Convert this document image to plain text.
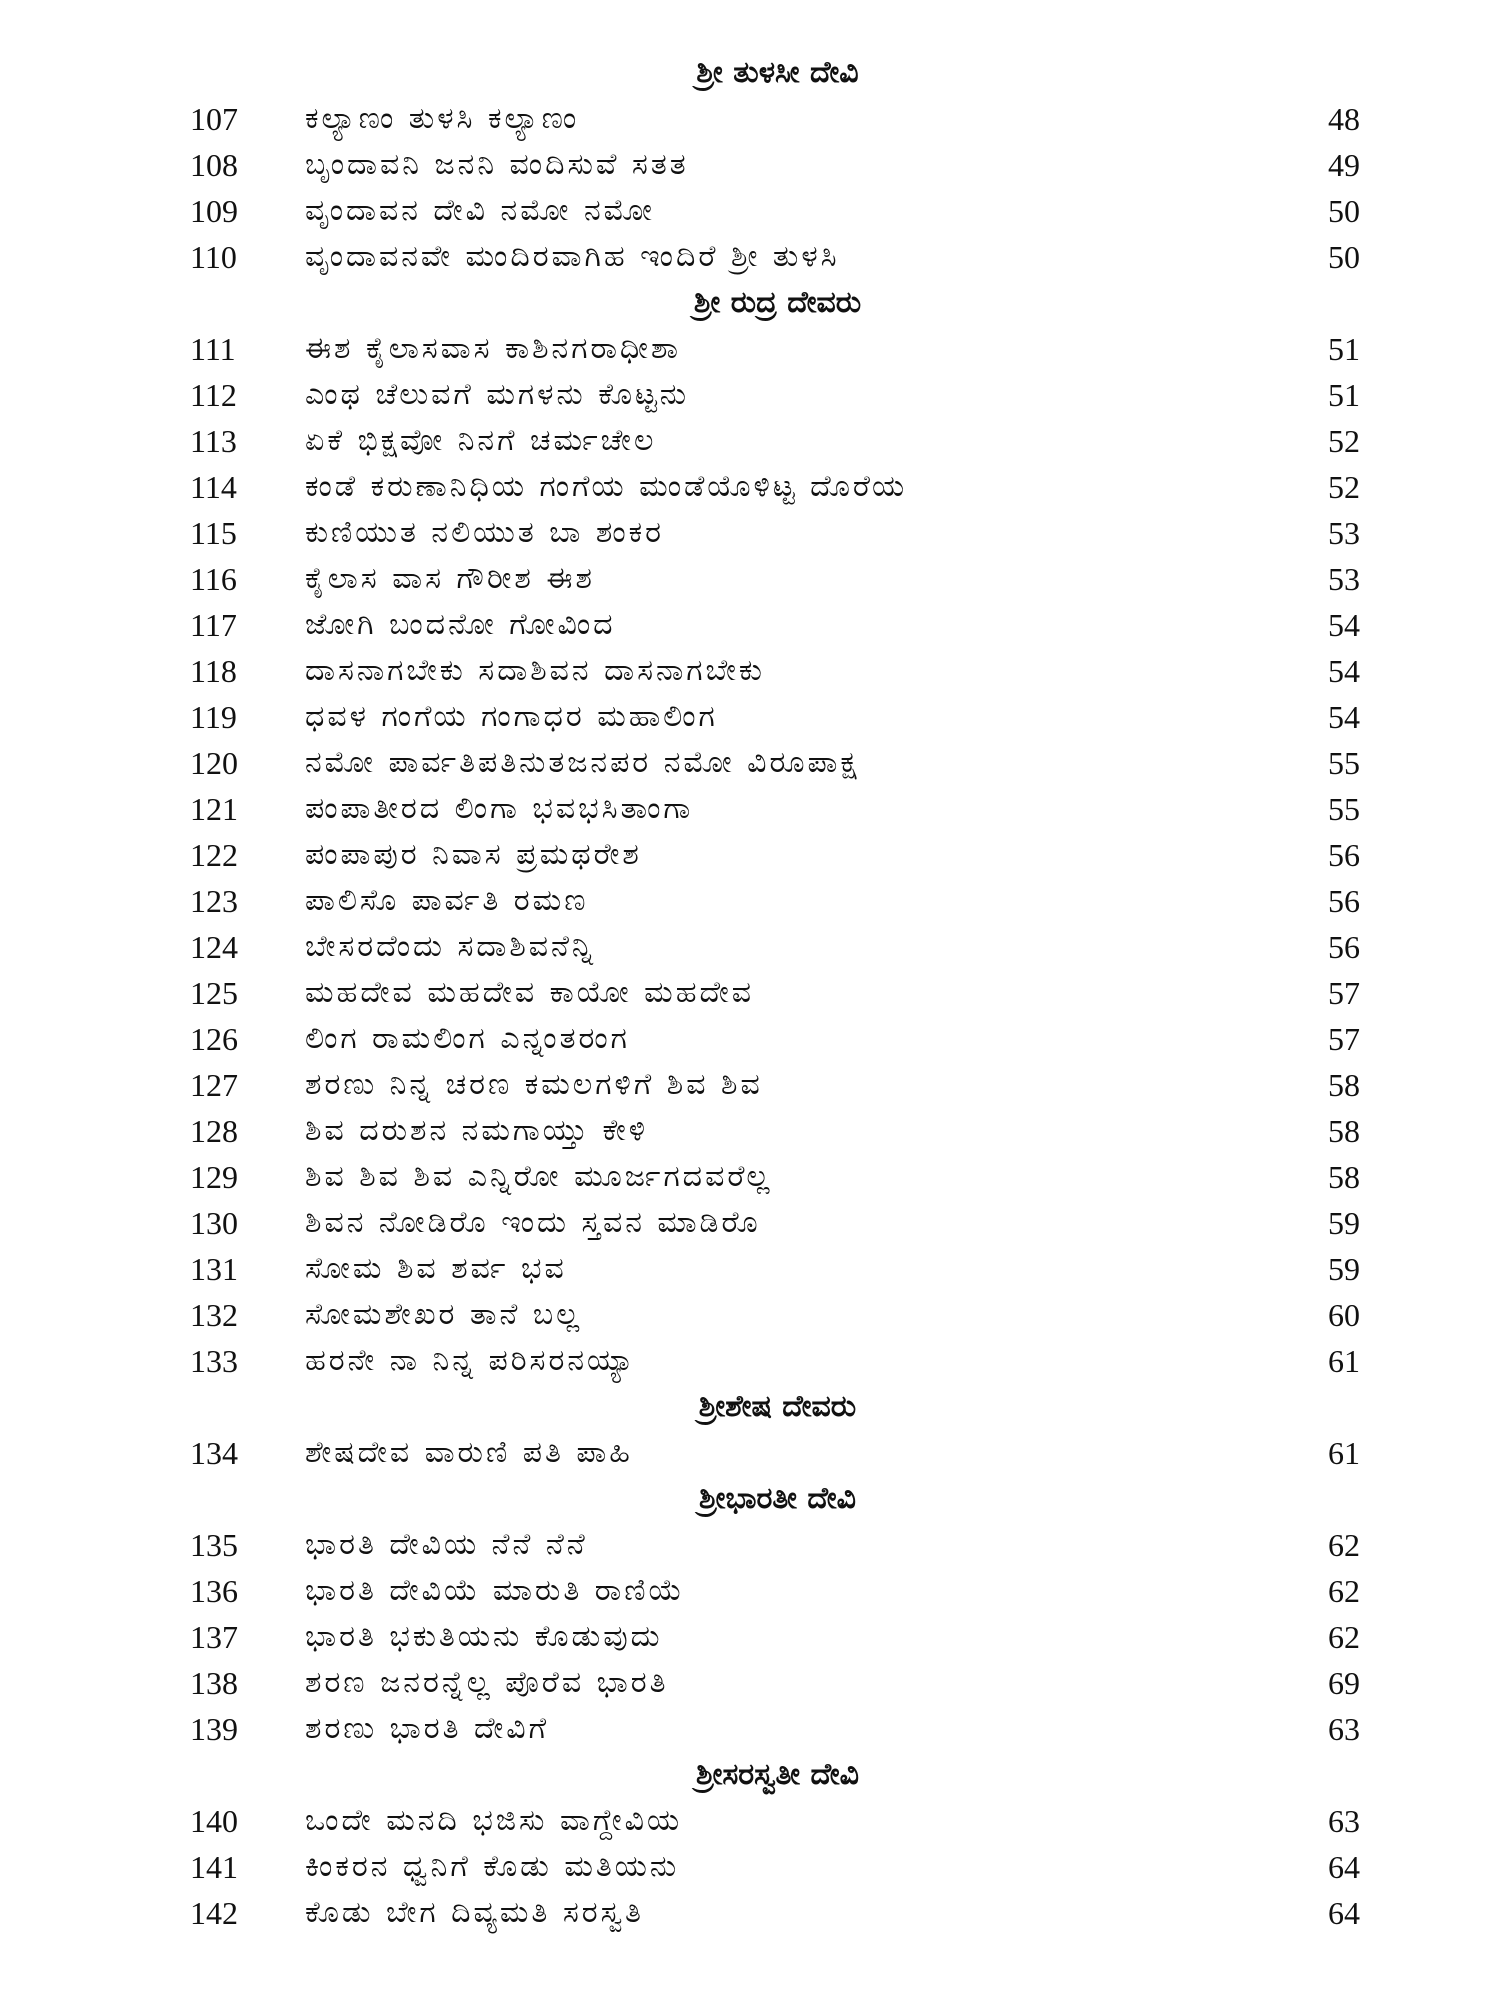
ಶ್ರೀ ತುಳಸೀ ದೇವಿ
107 ಕಲ್ಯಾಣಂ ತುಳಸಿ ಕಲ್ಯಾಣಂ	48
108 ಬೃಂದಾವನಿ ಜನನಿ ವಂದಿಸುವೆ ಸತತ	49
109 ವೃಂದಾವನ ದೇವಿ ನಮೋ ನಮೋ	50
110 ವೃಂದಾವನವೇ ಮಂದಿರವಾಗಿಹ ಇಂದಿರೆ ಶ್ರೀ ತುಳಸಿ	50
ಶ್ರೀ ರುದ್ರ ದೇವರು
111 ಈಶ ಕೈಲಾಸವಾಸ ಕಾಶಿನಗರಾಧೀಶಾ	51
112 ಎಂಥ ಚೆಲುವಗೆ ಮಗಳನು ಕೊಟ್ಟನು	51
113 ಏಕೆ ಭಿಕ್ಷವೋ ನಿನಗೆ ಚರ್ಮಚೇಲ	52
114 ಕಂಡೆ ಕರುಣಾನಿಧಿಯ ಗಂಗೆಯ ಮಂಡೆಯೊಳಿಟ್ಟ ದೊರೆಯ	52
115 ಕುಣಿಯುತ ನಲಿಯುತ ಬಾ ಶಂಕರ	53
116 ಕೈಲಾಸ ವಾಸ ಗೌರೀಶ ಈಶ	53
117 ಜೋಗಿ ಬಂದನೋ ಗೋವಿಂದ	54
118 ದಾಸನಾಗಬೇಕು ಸದಾಶಿವನ ದಾಸನಾಗಬೇಕು	54
119 ಧವಳ ಗಂಗೆಯ ಗಂಗಾಧರ ಮಹಾಲಿಂಗ	54
120 ನಮೋ ಪಾರ್ವತಿಪತಿನುತಜನಪರ ನಮೋ ವಿರೂಪಾಕ್ಷ	55
121 ಪಂಪಾತೀರದ ಲಿಂಗಾ ಭವಭಸಿತಾಂಗಾ	55
122 ಪಂಪಾಪುರ ನಿವಾಸ ಪ್ರಮಥರೇಶ	56
123 ಪಾಲಿಸೊ ಪಾರ್ವತಿ ರಮಣ	56
124 ಬೇಸರದೆಂದು ಸದಾಶಿವನೆನ್ನಿ	56
125 ಮಹದೇವ ಮಹದೇವ ಕಾಯೋ ಮಹದೇವ	57
126 ಲಿಂಗ ರಾಮಲಿಂಗ ಎನ್ನಂತರಂಗ	57
127 ಶರಣು ನಿನ್ನ ಚರಣ ಕಮಲಗಳಿಗೆ ಶಿವ ಶಿವ	58
128 ಶಿವ ದರುಶನ ನಮಗಾಯ್ತು ಕೇಳಿ	58
129 ಶಿವ ಶಿವ ಶಿವ ಎನ್ನಿರೋ ಮೂರ್ಜಗದವರೆಲ್ಲ	58
130 ಶಿವನ ನೋಡಿರೊ ಇಂದು ಸ್ತವನ ಮಾಡಿರೊ	59
131 ಸೋಮ ಶಿವ ಶರ್ವ ಭವ	59
132 ಸೋಮಶೇಖರ ತಾನೆ ಬಲ್ಲ	60
133 ಹರನೇ ನಾ ನಿನ್ನ ಪರಿಸರನಯ್ಯಾ	61
ಶ್ರೀಶೇಷ ದೇವರು
134 ಶೇಷದೇವ ವಾರುಣಿ ಪತಿ ಪಾಹಿ	61
ಶ್ರೀಭಾರತೀ ದೇವಿ
135 ಭಾರತಿ ದೇವಿಯ ನೆನೆ ನೆನೆ	62
136 ಭಾರತಿ ದೇವಿಯೆ ಮಾರುತಿ ರಾಣಿಯೆ	62
137 ಭಾರತಿ ಭಕುತಿಯನು ಕೊಡುವುದು	62
138 ಶರಣ ಜನರನ್ನೆಲ್ಲ ಪೊರೆವ ಭಾರತಿ	69
139 ಶರಣು ಭಾರತಿ ದೇವಿಗೆ	63
ಶ್ರೀಸರಸ್ವತೀ ದೇವಿ
140 ಒಂದೇ ಮನದಿ ಭಜಿಸು ವಾಗ್ದೇವಿಯ	63
141 ಕಿಂಕರನ ಧ್ವನಿಗೆ ಕೊಡು ಮತಿಯನು	64
142 ಕೊಡು ಬೇಗ ದಿವ್ಯಮತಿ ಸರಸ್ವತಿ	64
